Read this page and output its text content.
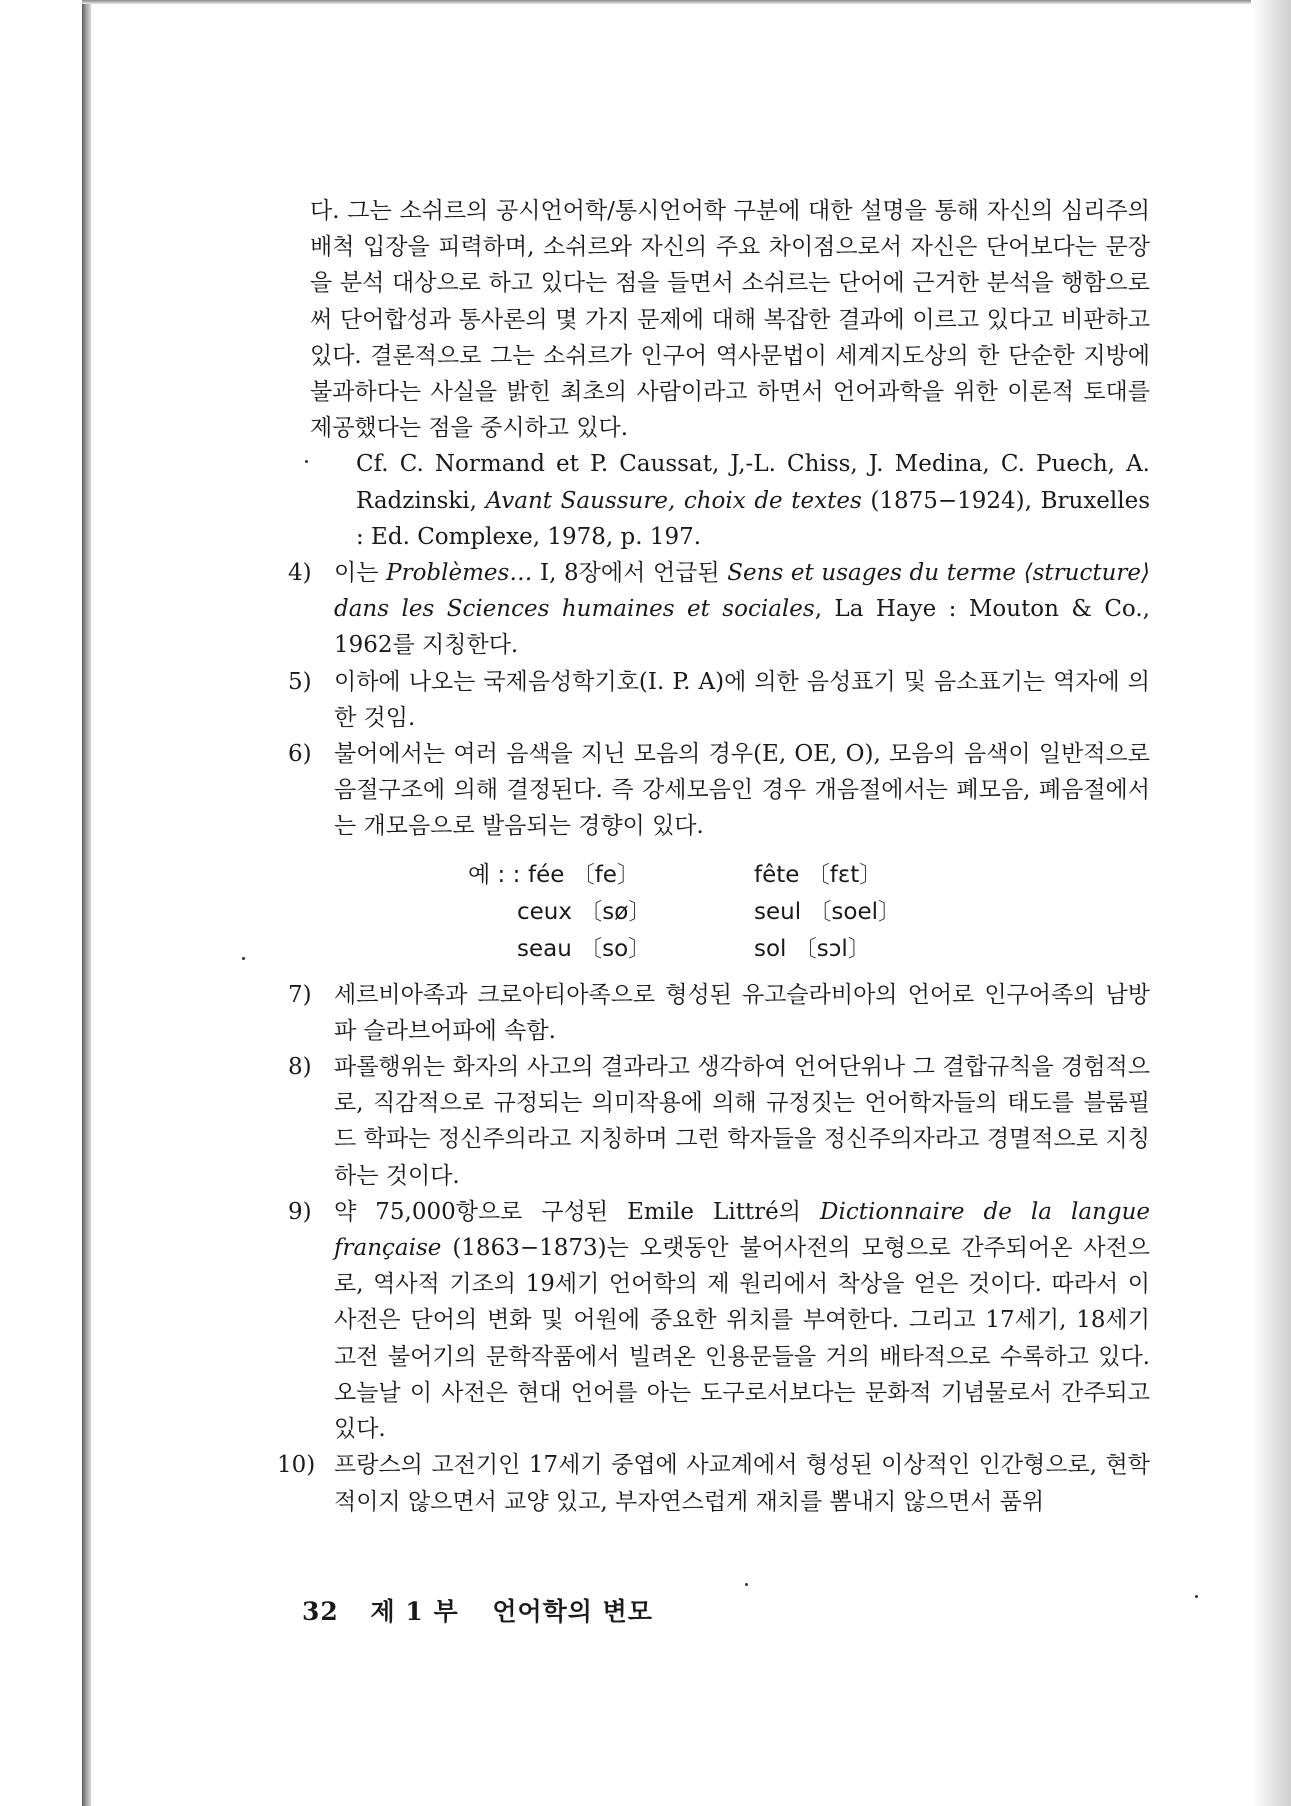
다. 그는 소쉬르의 공시언어학/통시언어학 구분에 대한 설명을 통해 자신의 심리주의 배척 입장을 피력하며, 소쉬르와 자신의 주요 차이점으로서 자신은 단어보다는 문장을 분석 대상으로 하고 있다는 점을 들면서 소쉬르는 단어에 근거한 분석을 행함으로써 단어합성과 통사론의 몇 가지 문제에 대해 복잡한 결과에 이르고 있다고 비판하고 있다. 결론적으로 그는 소쉬르가 인구어 역사문법이 세계지도상의 한 단순한 지방에 불과하다는 사실을 밝힌 최초의 사람이라고 하면서 언어과학을 위한 이론적 토대를 제공했다는 점을 중시하고 있다.

Cf. C. Normand et P. Caussat, J,-L. Chiss, J. Medina, C. Puech, A. Radzinski, Avant Saussure, choix de textes (1875−1924), Bruxelles : Ed. Complexe, 1978, p. 197.

4) 이는 Problèmes… I, 8장에서 언급된 Sens et usages du terme ⟨structure⟩ dans les Sciences humaines et sociales, La Haye : Mouton & Co., 1962를 지칭한다.
5) 이하에 나오는 국제음성학기호(I. P. A)에 의한 음성표기 및 음소표기는 역자에 의한 것임.
6) 불어에서는 여러 음색을 지닌 모음의 경우(E, OE, O), 모음의 음색이 일반적으로 음절구조에 의해 결정된다. 즉 강세모음인 경우 개음절에서는 폐모음, 폐음절에서는 개모음으로 발음되는 경향이 있다.
예 : : fée 〔fe〕	fête 〔fɛt〕
ceux 〔sø〕	seul 〔soel〕
seau 〔so〕	sol 〔sɔl〕
7) 세르비아족과 크로아티아족으로 형성된 유고슬라비아의 언어로 인구어족의 남방파 슬라브어파에 속함.
8) 파롤행위는 화자의 사고의 결과라고 생각하여 언어단위나 그 결합규칙을 경험적으로, 직감적으로 규정되는 의미작용에 의해 규정짓는 언어학자들의 태도를 블룸필드 학파는 정신주의라고 지칭하며 그런 학자들을 정신주의자라고 경멸적으로 지칭하는 것이다.
9) 약 75,000항으로 구성된 Emile Littré의 Dictionnaire de la langue française (1863−1873)는 오랫동안 불어사전의 모형으로 간주되어온 사전으로, 역사적 기조의 19세기 언어학의 제 원리에서 착상을 얻은 것이다. 따라서 이 사전은 단어의 변화 및 어원에 중요한 위치를 부여한다. 그리고 17세기, 18세기 고전 불어기의 문학작품에서 빌려온 인용문들을 거의 배타적으로 수록하고 있다. 오늘날 이 사전은 현대 언어를 아는 도구로서보다는 문화적 기념물로서 간주되고 있다.
10) 프랑스의 고전기인 17세기 중엽에 사교계에서 형성된 이상적인 인간형으로, 현학적이지 않으면서 교양 있고, 부자연스럽게 재치를 뽐내지 않으면서 품위
32 제 1 부 언어학의 변모
